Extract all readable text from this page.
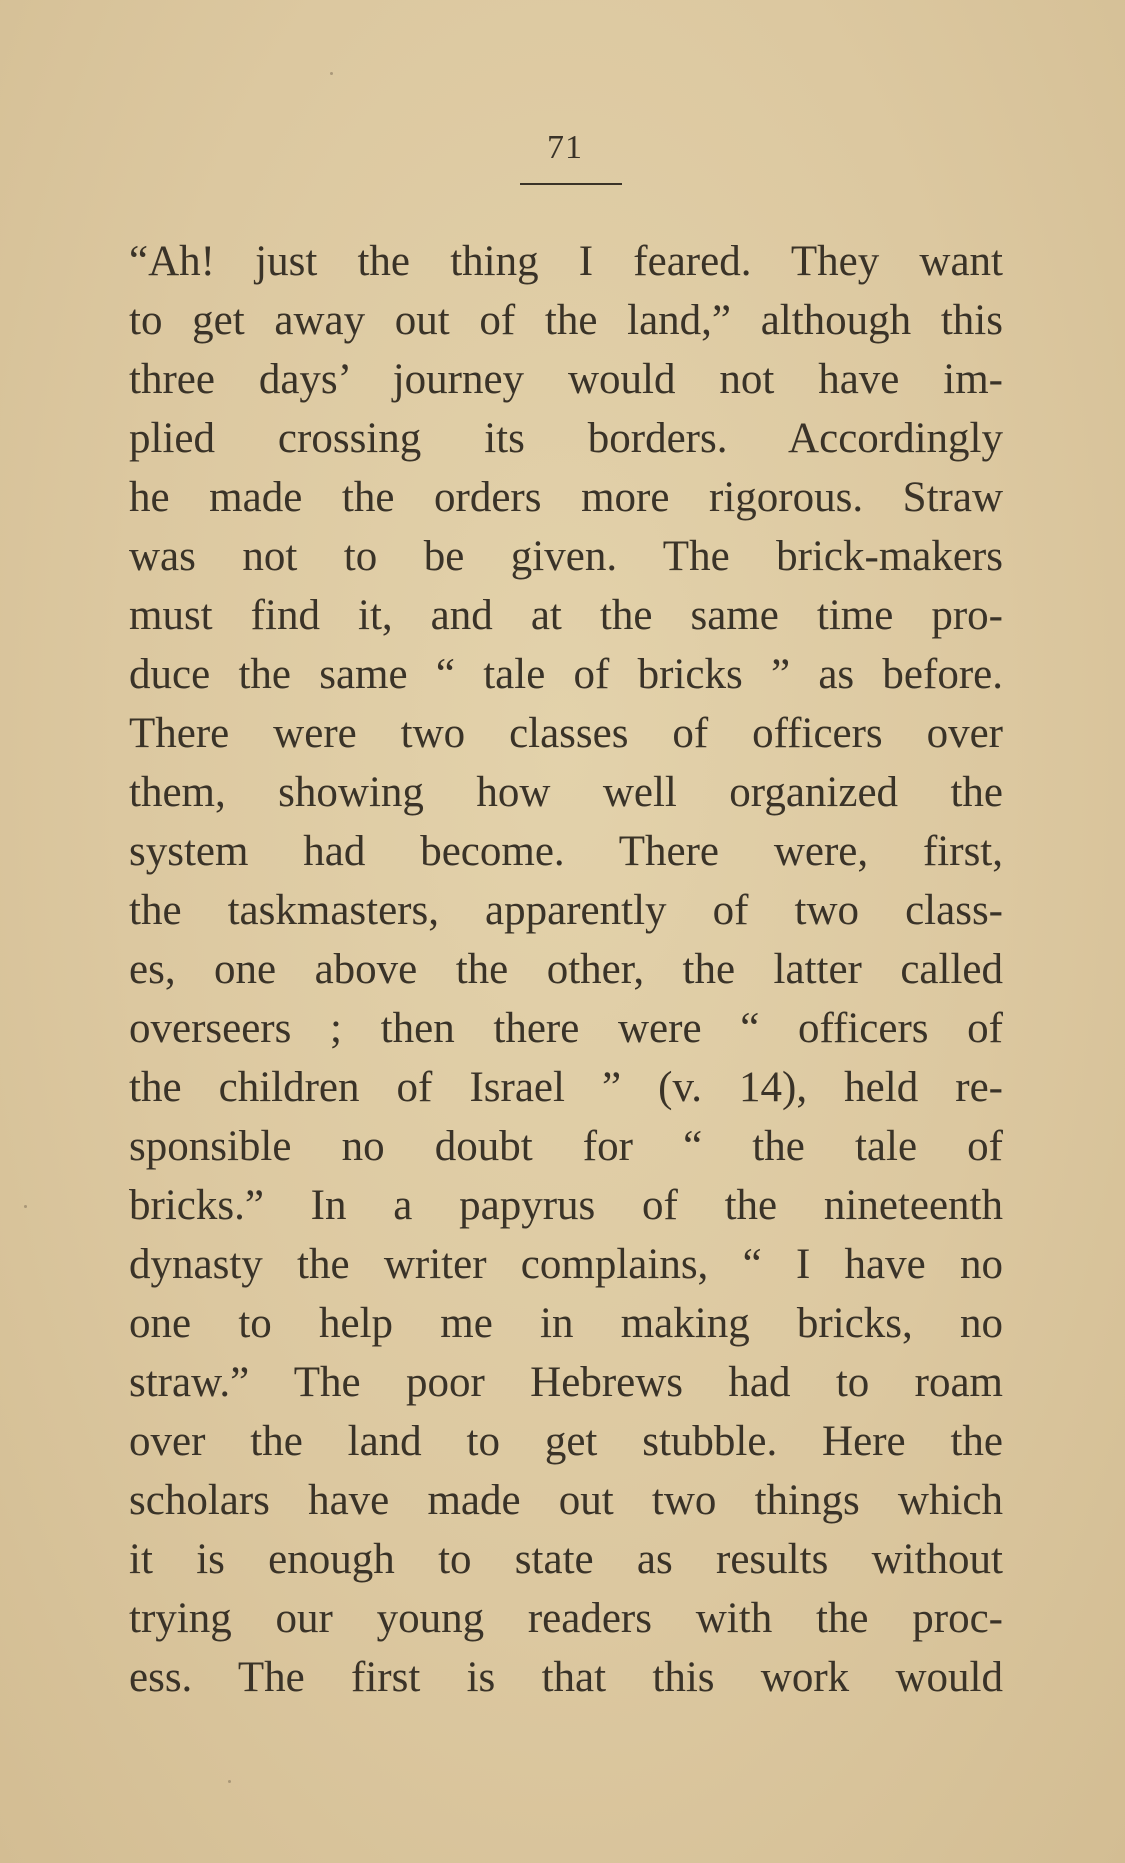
71
“Ah! just the thing I feared. They want
to get away out of the land,” although this
three days’ journey would not have im-
plied crossing its borders. Accordingly
he made the orders more rigorous. Straw
was not to be given. The brick-makers
must find it, and at the same time pro-
duce the same “ tale of bricks ” as before.
There were two classes of officers over
them, showing how well organized the
system had become. There were, first,
the taskmasters, apparently of two class-
es, one above the other, the latter called
overseers ; then there were “ officers of
the children of Israel ” (v. 14), held re-
sponsible no doubt for “ the tale of
bricks.” In a papyrus of the nineteenth
dynasty the writer complains, “ I have no
one to help me in making bricks, no
straw.” The poor Hebrews had to roam
over the land to get stubble. Here the
scholars have made out two things which
it is enough to state as results without
trying our young readers with the proc-
ess. The first is that this work would
